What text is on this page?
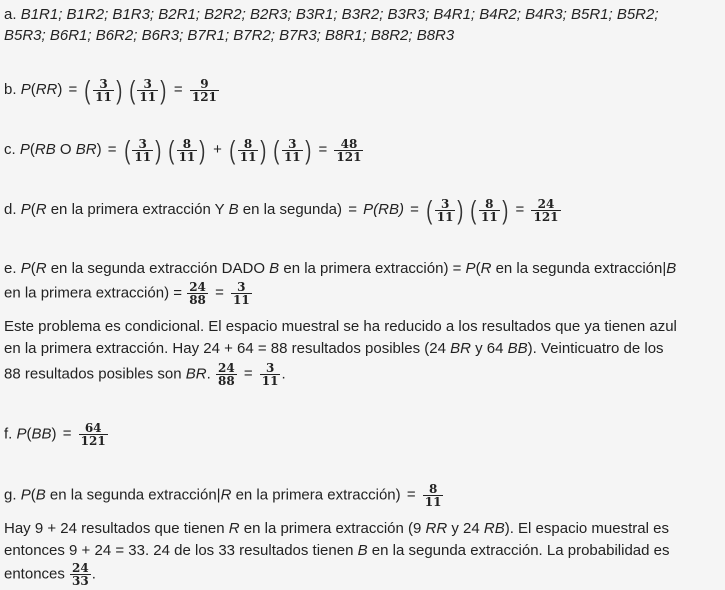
a. B1R1; B1R2; B1R3; B2R1; B2R2; B2R3; B3R1; B3R2; B3R3; B4R1; B4R2; B4R3; B5R1; B5R2;
B5R3; B6R1; B6R2; B6R3; B7R1; B7R2; B7R3; B8R1; B8R2; B8R3
b. P(RR) = ( $\frac{3}{11}$ ) ( $\frac{3}{11}$ ) = $\frac{9}{121}$
c. P(RB O BR) = ( $\frac{3}{11}$ ) ( $\frac{8}{11}$ ) + ( $\frac{8}{11}$ ) ( $\frac{3}{11}$ ) = $\frac{48}{121}$
d. P(R en la primera extracción Y B en la segunda) = P(RB) = ( $\frac{3}{11}$ ) ( $\frac{8}{11}$ ) = $\frac{24}{121}$
e. P(R en la segunda extracción DADO B en la primera extracción) = P(R en la segunda extracción|B
en la primera extracción) = $\frac{24}{88} = \frac{3}{11}$
Este problema es condicional. El espacio muestral se ha reducido a los resultados que ya tienen azul
en la primera extracción. Hay 24 + 64 = 88 resultados posibles (24 BR y 64 BB). Veinticuatro de los
88 resultados posibles son BR. $\frac{24}{88} = \frac{3}{11}$ .
f. $P(BB) = \frac{64}{121}$
g. P(B en la segunda extracción|R en la primera extracción) = $\frac{8}{11}$
Hay 9 + 24 resultados que tienen R en la primera extracción (9 RR y 24 RB). El espacio muestral es
entonces 9 + 24 = 33. 24 de los 33 resultados tienen B en la segunda extracción. La probabilidad es
entonces $\frac{24}{33}$ .
